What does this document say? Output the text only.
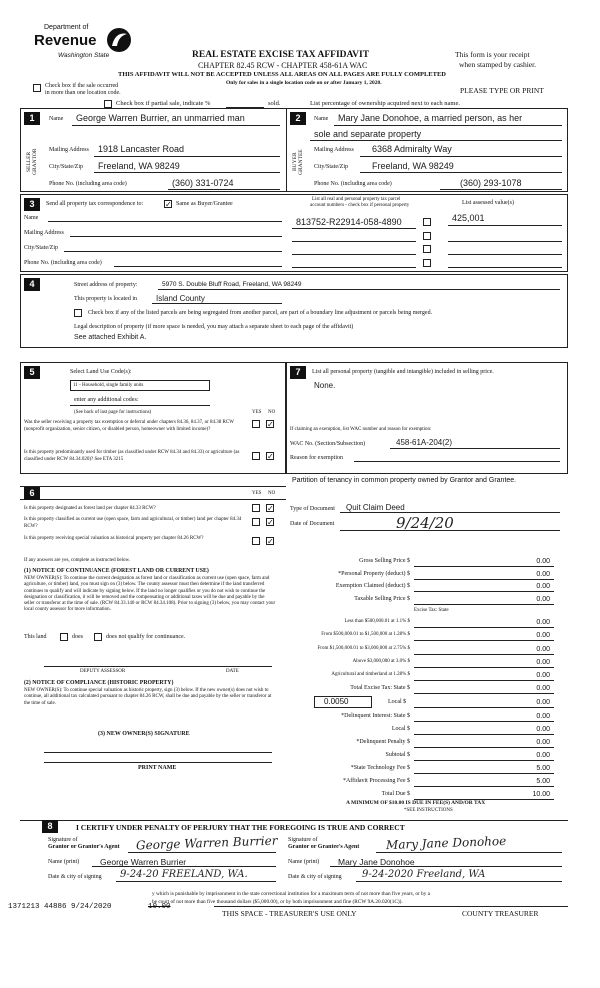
Department of
Revenue
Washington State	REAL ESTATE EXCISE TAX AFFIDAVIT
CHAPTER 82.45 RCW - CHAPTER 458-61A WAC
This form is your receipt
when stamped by cashier.
THIS AFFIDAVIT WILL NOT BE ACCEPTED UNLESS ALL AREAS ON ALL PAGES ARE FULLY COMPLETED
Only for sales in a single location code on or after January 1, 2020.
PLEASE TYPE OR PRINT
Check box if the sale occurred
in more than one location code.
Check box if partial sale, indicate %	sold.	List percentage of ownership acquired next to each name.
1	Name George Warren Burrier, an unmarried man
SELLER GRANTOR	Mailing Address 1918 Lancaster Road
City/State/Zip Freeland, WA 98249
Phone No. (including area code)	(360) 331-0724
2	Name Mary Jane Donohoe, a married person, as her
sole and separate property
BUYER GRANTEE	Mailing Address 6368 Admiralty Way
City/State/Zip	Freeland, WA 98249
Phone No. (including area code)	(360) 293-1078
3	Send all property tax correspondence to:	✓ Same as Buyer/Grantee
List all real and personal property tax parcel
account numbers - check box if personal property	List assessed value(s)
Name
Mailing Address
City/State/Zip
Phone No. (including area code)
813752-R22914-058-4890	425,001
4	Street address of property:	5970 S. Double Bluff Road, Freeland, WA 98249
This property is located in Island County
Check box if any of the listed parcels are being segregated from another parcel, are part of a boundary line adjustment or parcels being merged.
Legal description of property (if more space is needed, you may attach a separate sheet to each page of the affidavit)
See attached Exhibit A.
5	Select Land Use Code(s):
11 - Household, single family units
enter any additional codes:
(See back of last page for instructions)	YES NO
Was the seller receiving a property tax exemption or deferral under chapters 84.36, 84.37, or 84.38 RCW (nonprofit organization, senior citizen, or disabled person, homeowner with limited income)?	✓
Is this property predominantly used for timber (as classified under RCW 84.34 and 84.33) or agriculture (as classified under RCW 84.34.020)? See ETA 3215	✓
6	YES NO
Is this property designated as forest land per chapter 84.33 RCW?	✓
Is this property classified as current use (open space, farm and agricultural, or timber) land per chapter 84.34 RCW?	✓
Is this property receiving special valuation as historical property per chapter 84.26 RCW?	✓
If any answers are yes, complete as instructed below.
(1) NOTICE OF CONTINUANCE (FOREST LAND OR CURRENT USE)
NEW OWNER(S): To continue the current designation as forest land or classification as current use (open space, farm and agriculture, or timber) land, you must sign on (3) below. The county assessor must then determine if the land transferred continues to qualify and will indicate by signing below. If the land no longer qualifies or you do not wish to continue the designation or classification, it will be removed and the compensating or additional taxes will be due and payable by the seller or transferor at the time of sale. (RCW 84.33.140 or RCW 84.34.108). Prior to signing (3) below, you may contact your local county assessor for more information.
This land	does	does not qualify for continuance.
DEPUTY ASSESSOR	DATE
(2) NOTICE OF COMPLIANCE (HISTORIC PROPERTY)
NEW OWNER(S): To continue special valuation as historic property, sign (3) below. If the new owner(s) does not wish to continue, all additional tax calculated pursuant to chapter 84.26 RCW, shall be due and payable by the seller or transferor at the time of sale.
(3) NEW OWNER(S) SIGNATURE
PRINT NAME
7	List all personal property (tangible and intangible) included in selling price.
None.
If claiming an exemption, list WAC number and reason for exemption:
WAC No. (Section/Subsection)	458-61A-204(2)
Reason for exemption
Partition of tenancy in common property owned by Grantor and Grantee.
Type of Document Quit Claim Deed
Date of Document	9/24/20
Gross Selling Price $	0.00
*Personal Property (deduct) $	0.00
Exemption Claimed (deduct) $	0.00
Taxable Selling Price $	0.00
Excise Tax: State
Less than $500,000.01 at 1.1% $	0.00
From $500,000.01 to $1,500,000 at 1.28% $	0.00
From $1,500,000.01 to $3,000,000 at 2.75% $	0.00
Above $3,000,000 at 3.0% $	0.00
Agricultural and timberland at 1.28% $	0.00
Total Excise Tax: State $	0.00
0.0050	Local $	0.00
*Delinquent Interest: State $	0.00
Local $	0.00
*Delinquent Penalty $	0.00
Subtotal $	0.00
*State Technology Fee $	5.00
*Affidavit Processing Fee $	5.00
Total Due $	10.00
A MINIMUM OF $10.00 IS DUE IN FEE(S) AND/OR TAX
*SEE INSTRUCTIONS
8	I CERTIFY UNDER PENALTY OF PERJURY THAT THE FOREGOING IS TRUE AND CORRECT
Signature of
Grantor or Grantor's Agent George Warren Burrier Signature of
Grantor or Grantee's Agent Mary Jane Donohoe
Name (print) George Warren Burrier	Name (print) Mary Jane Donohoe
Date & city of signing 9-24-20 FREELAND, WA.	Date & city of signing 9-24-2020 Freeland, WA
y which is punishable by imprisonment in the state correctional institution for a maximum term of not more than five years, or by a
he court of not more than five thousand dollars ($5,000.00), or by both imprisonment and fine (RCW 9A.20.020(1C)).
1371213 44886 9/24/2020	10.00
THIS SPACE - TREASURER'S USE ONLY	COUNTY TREASURER
